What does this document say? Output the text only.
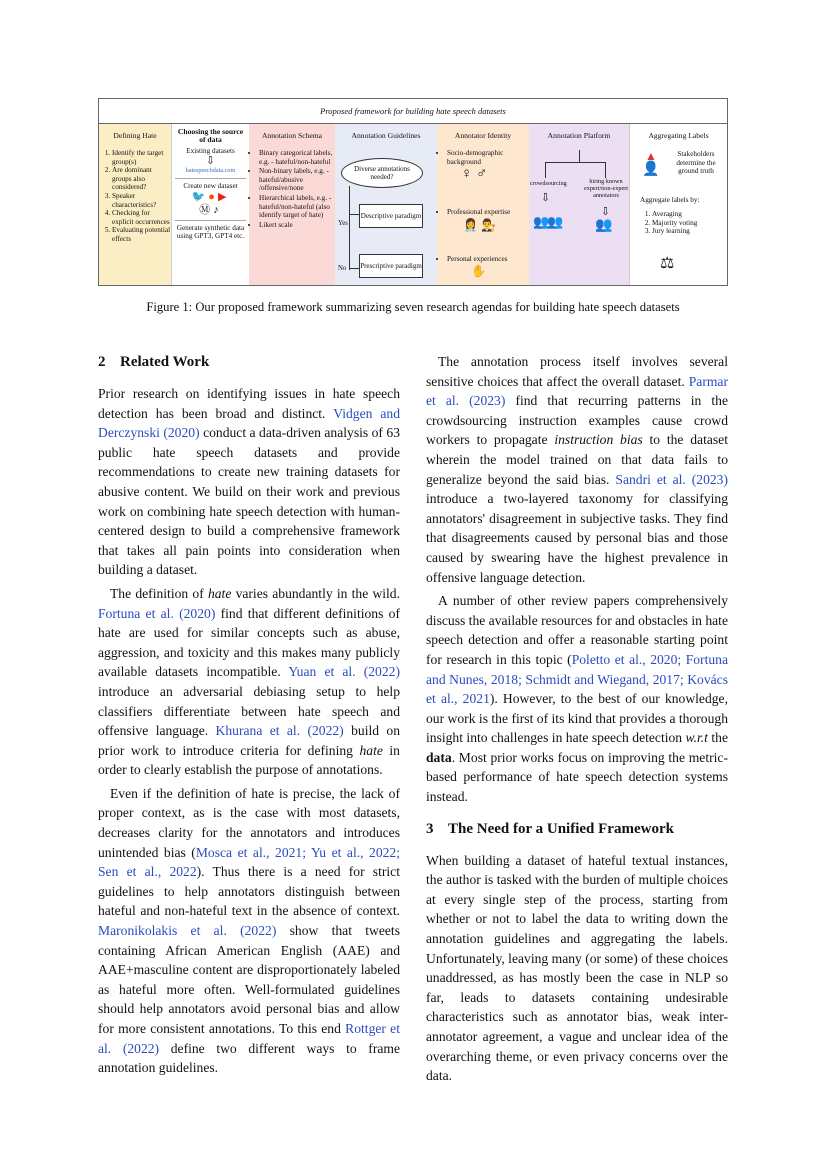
Proposed framework for building hate speech datasets
Defining Hate
1. Identify the target group(s)
2. Are dominant groups also considered?
3. Speaker characteristics?
4. Checking for explicit occurrences
5. Evaluating potential effects
Choosing the source of data
Existing datasets
⇩
hatespeechdata.com
Create new dataset
🐦●▶
Ⓜ♪
Generate synthetic data using GPT3, GPT4 etc.
Annotation Schema
• Binary categorical labels, e.g. - hateful/non-hateful
• Non-binary labels, e.g. - hateful/abusive /offensive/none
• Hierarchical labels, e.g. - hateful/non-hateful (also identify target of hate)
• Likert scale
Annotation Guidelines
Diverse annotations needed?
Yes
No
Descriptive paradigm
Prescriptive paradigm
Annotator Identity
• Socio-demographic background
♀ ♂
• Professional expertise
👩‍⚕ 👨‍⚖
• Personal experiences
✋
Annotation Platform
crowdsourcing	hiring known expert/non-expert annotators
⇩
⇩
👥👥 👥
Aggregating Labels
▲
👤
Stakeholders determine the ground truth
Aggregate labels by:
1. Averaging
2. Majority voting
3. Jury learning
⚖
Figure 1: Our proposed framework summarizing seven research agendas for building hate speech datasets
2 Related Work

Prior research on identifying issues in hate speech detection has been broad and distinct. Vidgen and Derczynski (2020) conduct a data-driven analysis of 63 public hate speech datasets and provide recommendations to create new training datasets for abusive content. We build on their work and previous work on combining hate speech detection with human-centered design to build a comprehensive framework that takes all pain points into consideration when building a dataset.

The definition of hate varies abundantly in the wild. Fortuna et al. (2020) find that different definitions of hate are used for similar concepts such as abuse, aggression, and toxicity and this makes many publicly available datasets incompatible. Yuan et al. (2022) introduce an adversarial debiasing setup to help classifiers differentiate between hate speech and offensive language. Khurana et al. (2022) build on prior work to introduce criteria for defining hate in order to clearly establish the purpose of annotations.

Even if the definition of hate is precise, the lack of proper context, as is the case with most datasets, decreases clarity for the annotators and introduces unintended bias (Mosca et al., 2021; Yu et al., 2022; Sen et al., 2022). Thus there is a need for strict guidelines to help annotators distinguish between hateful and non-hateful text in the absence of context. Maronikolakis et al. (2022) show that tweets containing African American English (AAE) and AAE+masculine content are disproportionately labeled as hateful more often. Well-formulated guidelines should help annotators avoid personal bias and allow for more consistent annotations. To this end Rottger et al. (2022) define two different ways to frame annotation guidelines.

The annotation process itself involves several sensitive choices that affect the overall dataset. Parmar et al. (2023) find that recurring patterns in the crowdsourcing instruction examples cause crowd workers to propagate instruction bias to the dataset wherein the model trained on that data fails to generalize beyond the said bias. Sandri et al. (2023) introduce a two-layered taxonomy for classifying annotators' disagreement in subjective tasks. They find that disagreements caused by personal bias and those caused by swearing have the highest prevalence in offensive language detection.

A number of other review papers comprehensively discuss the available resources for and obstacles in hate speech detection and offer a reasonable starting point for research in this topic (Poletto et al., 2020; Fortuna and Nunes, 2018; Schmidt and Wiegand, 2017; Kovács et al., 2021). However, to the best of our knowledge, our work is the first of its kind that provides a thorough insight into challenges in hate speech detection w.r.t the data. Most prior works focus on improving the metric-based performance of hate speech detection systems instead.

3 The Need for a Unified Framework

When building a dataset of hateful textual instances, the author is tasked with the burden of multiple choices at every single step of the process, starting from whether or not to label the data to writing down the annotation guidelines and aggregating the labels. Unfortunately, leaving many (or some) of these choices unaddressed, as has mostly been the case in NLP so far, leads to datasets containing undesirable characteristics such as annotator bias, weak inter-annotator agreement, a vague and unclear idea of the overarching theme, or even privacy concerns over the data.
